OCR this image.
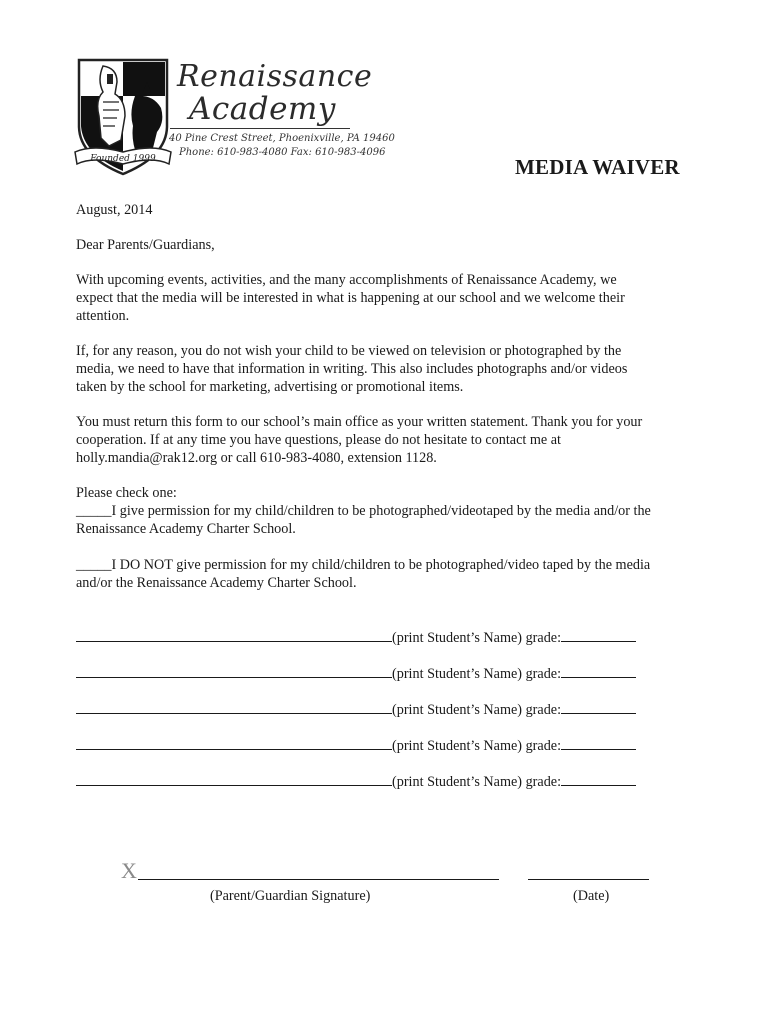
Founded 1999
Renaissance
Academy
40 Pine Crest Street, Phoenixville, PA 19460
Phone: 610-983-4080 Fax: 610-983-4096
MEDIA WAIVER
August, 2014
Dear Parents/Guardians,
With upcoming events, activities, and the many accomplishments of Renaissance Academy, we
expect that the media will be interested in what is happening at our school and we welcome their
attention.
If, for any reason, you do not wish your child to be viewed on television or photographed by the
media, we need to have that information in writing. This also includes photographs and/or videos
taken by the school for marketing, advertising or promotional items.
You must return this form to our school’s main office as your written statement. Thank you for your
cooperation. If at any time you have questions, please do not hesitate to contact me at
holly.mandia@rak12.org or call 610-983-4080, extension 1128.
Please check one:
_____I give permission for my child/children to be photographed/videotaped by the media and/or the
Renaissance Academy Charter School.
_____I DO NOT give permission for my child/children to be photographed/video taped by the media
and/or the Renaissance Academy Charter School.
(print Student’s Name) grade:
(print Student’s Name) grade:
(print Student’s Name) grade:
(print Student’s Name) grade:
(print Student’s Name) grade:
X
(Parent/Guardian Signature)	(Date)
